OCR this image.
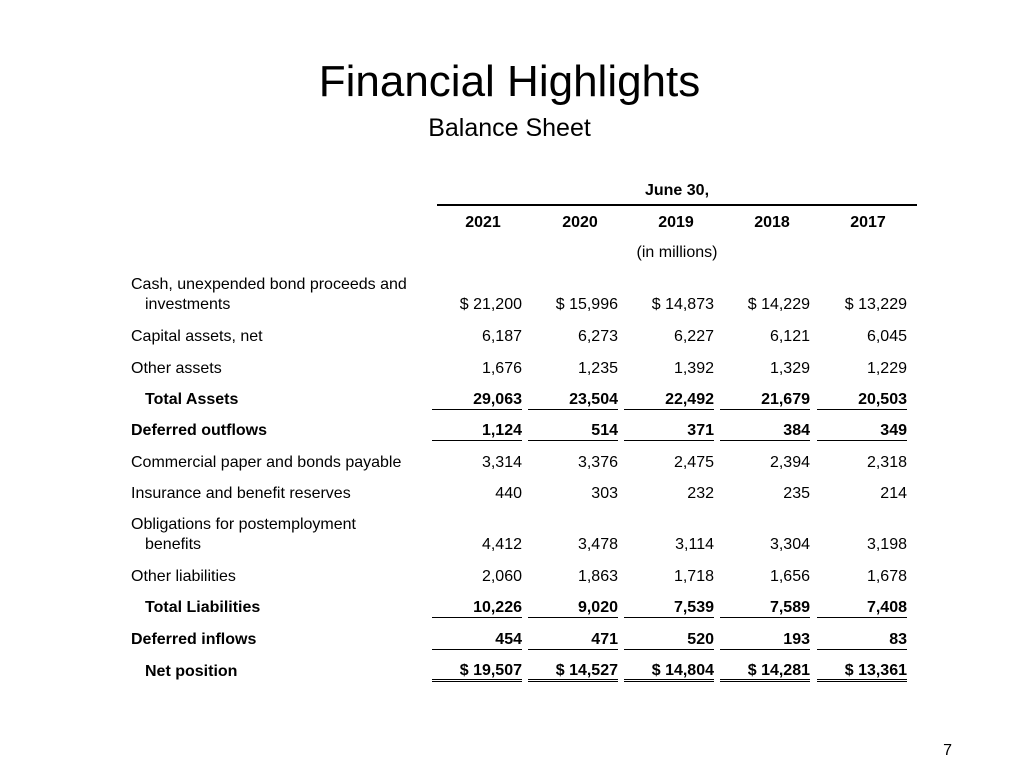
Financial Highlights
Balance Sheet
June 30,
2021	2020	2019	2018	2017
(in millions)
Cash, unexpended bond proceeds and
investments	$ 21,200	$ 15,996	$ 14,873	$ 14,229	$ 13,229
Capital assets, net	6,187	6,273	6,227	6,121	6,045
Other assets	1,676	1,235	1,392	1,329	1,229
Total Assets	29,063	23,504	22,492	21,679	20,503
Deferred outflows	1,124	514	371	384	349
Commercial paper and bonds payable	3,314	3,376	2,475	2,394	2,318
Insurance and benefit reserves	440	303	232	235	214
Obligations for postemployment
benefits	4,412	3,478	3,114	3,304	3,198
Other liabilities	2,060	1,863	1,718	1,656	1,678
Total Liabilities	10,226	9,020	7,539	7,589	7,408
Deferred inflows	454	471	520	193	83
Net position	$ 19,507	$ 14,527	$ 14,804	$ 14,281	$ 13,361
7
